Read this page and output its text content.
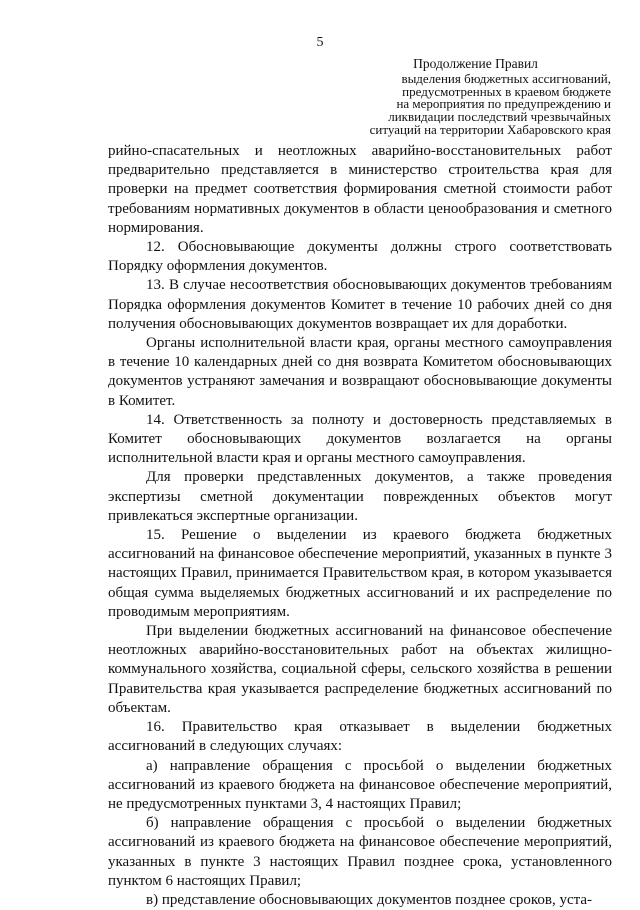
5
Продолжение Правил
выделения бюджетных ассигнований,
предусмотренных в краевом бюджете
на мероприятия по предупреждению и
ликвидации последствий чрезвычайных
ситуаций на территории Хабаровского края

рийно-спасательных и неотложных аварийно-восстановительных работ предварительно представляется в министерство строительства края для проверки на предмет соответствия формирования сметной стоимости работ требованиям нормативных документов в области ценообразования и сметного нормирования.

12. Обосновывающие документы должны строго соответствовать Порядку оформления документов.

13. В случае несоответствия обосновывающих документов требованиям Порядка оформления документов Комитет в течение 10 рабочих дней со дня получения обосновывающих документов возвращает их для доработки.

Органы исполнительной власти края, органы местного самоуправления в течение 10 календарных дней со дня возврата Комитетом обосновывающих документов устраняют замечания и возвращают обосновывающие документы в Комитет.

14. Ответственность за полноту и достоверность представляемых в Комитет обосновывающих документов возлагается на органы исполнительной власти края и органы местного самоуправления.

Для проверки представленных документов, а также проведения экспертизы сметной документации поврежденных объектов могут привлекаться экспертные организации.

15. Решение о выделении из краевого бюджета бюджетных ассигнований на финансовое обеспечение мероприятий, указанных в пункте 3 настоящих Правил, принимается Правительством края, в котором указывается общая сумма выделяемых бюджетных ассигнований и их распределение по проводимым мероприятиям.

При выделении бюджетных ассигнований на финансовое обеспечение неотложных аварийно-восстановительных работ на объектах жилищно-коммунального хозяйства, социальной сферы, сельского хозяйства в решении Правительства края указывается распределение бюджетных ассигнований по объектам.

16. Правительство края отказывает в выделении бюджетных ассигнований в следующих случаях:

а) направление обращения с просьбой о выделении бюджетных ассигнований из краевого бюджета на финансовое обеспечение мероприятий, не предусмотренных пунктами 3, 4 настоящих Правил;

б) направление обращения с просьбой о выделении бюджетных ассигнований из краевого бюджета на финансовое обеспечение мероприятий, указанных в пункте 3 настоящих Правил позднее срока, установленного пунктом 6 настоящих Правил;

в) представление обосновывающих документов позднее сроков, уста-
